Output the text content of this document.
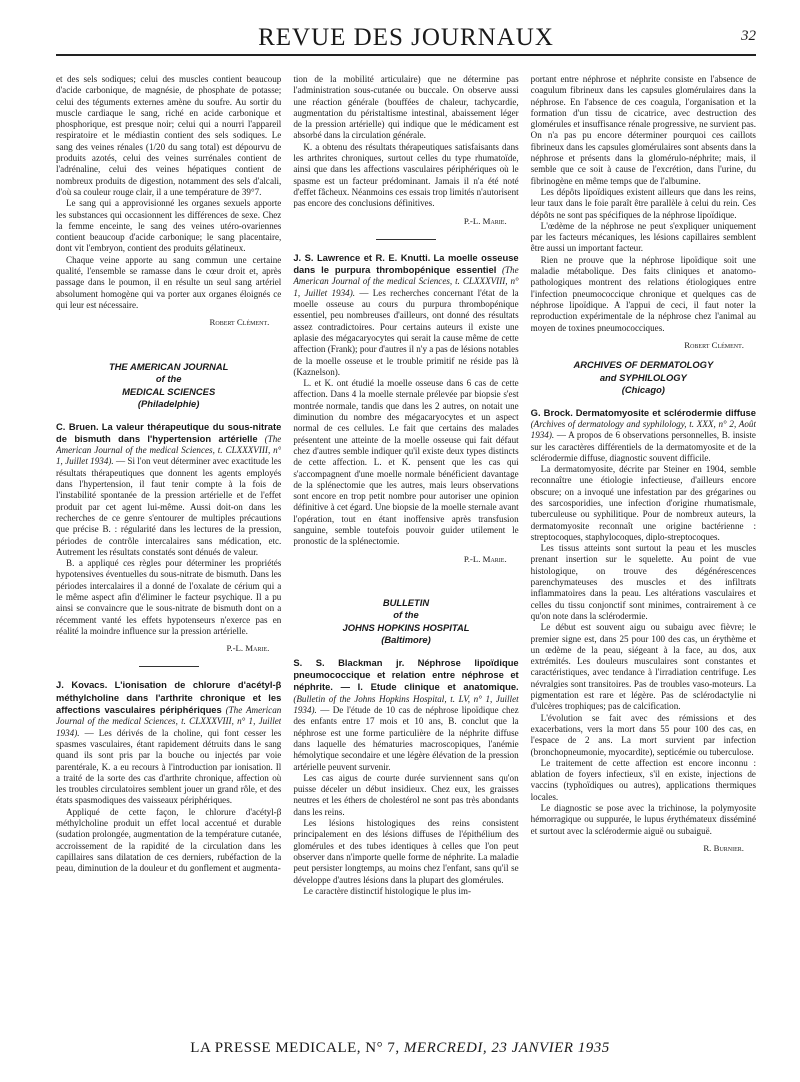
REVUE DES JOURNAUX	32

et des sels sodiques; celui des muscles contient beaucoup d'acide carbonique, de magnésie, de phosphate de potasse; celui des téguments externes amène du soufre. Au sortir du muscle cardiaque le sang, riché en acide carbonique et phosphorique, est presque noir; celui qui a nourri l'appareil respiratoire et le médiastin contient des sels sodiques. Le sang des veines rénales (1/20 du sang total) est dépourvu de produits azotés, celui des veines surrénales contient de l'adrénaline, celui des veines hépatiques contient de nombreux produits de digestion, notamment des sels d'alcali, d'où sa couleur rouge clair, il a une température de 39°7.

Le sang qui a approvisionné les organes sexuels apporte les substances qui occasionnent les différences de sexe. Chez la femme enceinte, le sang des veines utéro-ovariennes contient beaucoup d'acide carbonique; le sang placentaire, dont vit l'embryon, contient des produits gélatineux.

Chaque veine apporte au sang commun une certaine qualité, l'ensemble se ramasse dans le cœur droit et, après passage dans le poumon, il en résulte un seul sang artériel absolument homogène qui va porter aux organes éloignés ce qui leur est nécessaire.

Robert Clément.
THE AMERICAN JOURNAL
of the
MEDICAL SCIENCES
(Philadelphie)

C. Bruen. La valeur thérapeutique du sous-nitrate de bismuth dans l'hypertension artérielle (The American Journal of the medical Sciences, t. CLXXXVIII, n° 1, Juillet 1934). — Si l'on veut déterminer avec exactitude les résultats thérapeutiques que donnent les agents employés dans l'hypertension, il faut tenir compte à la fois de l'instabilité spontanée de la pression artérielle et de l'effet produit par cet agent lui-même. Aussi doit-on dans les recherches de ce genre s'entourer de multiples précautions que précise B. : régularité dans les lectures de la pression, périodes de contrôle intercalaires sans médication, etc. Autrement les résultats constatés sont dénués de valeur.

B. a appliqué ces règles pour déterminer les propriétés hypotensives éventuelles du sous-nitrate de bismuth. Dans les périodes intercalaires il a donné de l'oxalate de cérium qui a le même aspect afin d'éliminer le facteur psychique. Il a pu ainsi se convaincre que le sous-nitrate de bismuth dont on a récemment vanté les effets hypotenseurs n'exerce pas en réalité la moindre influence sur la pression artérielle.

P.-L. Marie.

J. Kovacs. L'ionisation de chlorure d'acétyl-β méthylcholine dans l'arthrite chronique et les affections vasculaires périphériques (The American Journal of the medical Sciences, t. CLXXXVIII, n° 1, Juillet 1934). — Les dérivés de la choline, qui font cesser les spasmes vasculaires, étant rapidement détruits dans le sang quand ils sont pris par la bouche ou injectés par voie parentérale, K. a eu recours à l'introduction par ionisation. Il a traité de la sorte des cas d'arthrite chronique, affection où les troubles circulatoires semblent jouer un grand rôle, et des états spasmodiques des vaisseaux périphériques.

Appliqué de cette façon, le chlorure d'acétyl-β méthylcholine produit un effet local accentué et durable (sudation prolongée, augmentation de la température cutanée, accroissement de la rapidité de la circulation dans les capillaires sans dilatation de ces derniers, rubéfaction de la peau, diminution de la douleur et du gonflement et augmenta-

tion de la mobilité articulaire) que ne détermine pas l'administration sous-cutanée ou buccale. On observe aussi une réaction générale (bouffées de chaleur, tachycardie, augmentation du péristaltisme intestinal, abaissement léger de la pression artérielle) qui indique que le médicament est absorbé dans la circulation générale.

K. a obtenu des résultats thérapeutiques satisfaisants dans les arthrites chroniques, surtout celles du type rhumatoïde, ainsi que dans les affections vasculaires périphériques où le spasme est un facteur prédominant. Jamais il n'a été noté d'effet fâcheux. Néanmoins ces essais trop limités n'autorisent pas encore des conclusions définitives.

P.-L. Marie.

J. S. Lawrence et R. E. Knutti. La moelle osseuse dans le purpura thrombopénique essentiel (The American Journal of the medical Sciences, t. CLXXXVIII, n° 1, Juillet 1934). — Les recherches concernant l'état de la moelle osseuse au cours du purpura thrombopénique essentiel, peu nombreuses d'ailleurs, ont donné des résultats assez contradictoires. Pour certains auteurs il existe une aplasie des mégacaryocytes qui serait la cause même de cette affection (Frank); pour d'autres il n'y a pas de lésions notables de la moelle osseuse et le trouble primitif ne réside pas là (Kaznelson).

L. et K. ont étudié la moelle osseuse dans 6 cas de cette affection. Dans 4 la moelle sternale prélevée par biopsie s'est montrée normale, tandis que dans les 2 autres, on notait une diminution du nombre des mégacaryocytes et un aspect normal de ces cellules. Le fait que certains des malades présentent une atteinte de la moelle osseuse qui fait défaut chez d'autres semble indiquer qu'il existe deux types distincts de cette affection. L. et K. pensent que les cas qui s'accompagnent d'une moelle normale bénéficient davantage de la splénectomie que les autres, mais leurs observations sont encore en trop petit nombre pour autoriser une opinion définitive à cet égard. Une biopsie de la moelle sternale avant l'opération, tout en étant inoffensive après transfusion sanguine, semble toutefois pouvoir guider utilement le pronostic de la splénectomie.

P.-L. Marie.
BULLETIN
of the
JOHNS HOPKINS HOSPITAL
(Baltimore)

S. S. Blackman jr. Néphrose lipoïdique pneumococcique et relation entre néphrose et néphrite. — I. Etude clinique et anatomique. (Bulletin of the Johns Hopkins Hospital, t. LV, n° 1, Juillet 1934). — De l'étude de 10 cas de néphrose lipoïdique chez des enfants entre 17 mois et 10 ans, B. conclut que la néphrose est une forme particulière de la néphrite diffuse dans laquelle des hématuries macroscopiques, l'anémie hémolytique secondaire et une légère élévation de la pression artérielle peuvent survenir.

Les cas aigus de courte durée surviennent sans qu'on puisse déceler un début insidieux. Chez eux, les graisses neutres et les éthers de cholestérol ne sont pas très abondants dans les reins.

Les lésions histologiques des reins consistent principalement en des lésions diffuses de l'épithélium des glomérules et des tubes identiques à celles que l'on peut observer dans n'importe quelle forme de néphrite. La maladie peut persister longtemps, au moins chez l'enfant, sans qu'il se développe d'autres lésions dans la plupart des glomérules.

Le caractère distinctif histologique le plus im-

portant entre néphrose et néphrite consiste en l'absence de coagulum fibrineux dans les capsules glomérulaires dans la néphrose. En l'absence de ces coagula, l'organisation et la formation d'un tissu de cicatrice, avec destruction des glomérules et insuffisance rénale progressive, ne survient pas. On n'a pas pu encore déterminer pourquoi ces caillots fibrineux dans les capsules glomérulaires sont absents dans la néphrose et présents dans la glomérulo-néphrite; mais, il semble que ce soit à cause de l'excrétion, dans l'urine, du fibrinogène en même temps que de l'albumine.

Les dépôts lipoïdiques existent ailleurs que dans les reins, leur taux dans le foie paraît être parallèle à celui du rein. Ces dépôts ne sont pas spécifiques de la néphrose lipoïdique.

L'œdème de la néphrose ne peut s'expliquer uniquement par les facteurs mécaniques, les lésions capillaires semblent être aussi un important facteur.

Rien ne prouve que la néphrose lipoïdique soit une maladie métabolique. Des faits cliniques et anatomo-pathologiques montrent des relations étiologiques entre l'infection pneumococcique chronique et quelques cas de néphrose lipoïdique. A l'appui de ceci, il faut noter la reproduction expérimentale de la néphrose chez l'animal au moyen de toxines pneumococciques.

Robert Clément.
ARCHIVES OF DERMATOLOGY
and SYPHILOLOGY
(Chicago)

G. Brock. Dermatomyosite et sclérodermie diffuse (Archives of dermatology and syphilology, t. XXX, n° 2, Août 1934). — A propos de 6 observations personnelles, B. insiste sur les caractères différentiels de la dermatomyosite et de la sclérodermie diffuse, diagnostic souvent difficile.

La dermatomyosite, décrite par Steiner en 1904, semble reconnaître une étiologie infectieuse, d'ailleurs encore obscure; on a invoqué une infestation par des grégarines ou des sarcosporidies, une infection d'origine rhumatismale, tuberculeuse ou syphilitique. Pour de nombreux auteurs, la dermatomyosite reconnaît une origine bactérienne : streptocoques, staphylocoques, diplo-streptocoques.

Les tissus atteints sont surtout la peau et les muscles prenant insertion sur le squelette. Au point de vue histologique, on trouve des dégénérescences parenchymateuses des muscles et des infiltrats inflammatoires dans la peau. Les altérations vasculaires et celles du tissu conjonctif sont minimes, contrairement à ce qu'on note dans la sclérodermie.

Le début est souvent aigu ou subaigu avec fièvre; le premier signe est, dans 25 pour 100 des cas, un érythème et un œdème de la peau, siégeant à la face, au dos, aux extrémités. Les douleurs musculaires sont constantes et caractéristiques, avec tendance à l'irradiation centrifuge. Les névralgies sont transitoires. Pas de troubles vaso-moteurs. La pigmentation est rare et légère. Pas de sclérodactylie ni d'ulcères trophiques; pas de calcification.

L'évolution se fait avec des rémissions et des exacerbations, vers la mort dans 55 pour 100 des cas, en l'espace de 2 ans. La mort survient par infection (bronchopneumonie, myocardite), septicémie ou tuberculose.

Le traitement de cette affection est encore inconnu : ablation de foyers infectieux, s'il en existe, injections de vaccins (typhoïdiques ou autres), applications thermiques locales.

Le diagnostic se pose avec la trichinose, la polymyosite hémorragique ou suppurée, le lupus érythémateux disséminé et surtout avec la sclérodermie aiguë ou subaiguë.

R. Burnier.
LA PRESSE MEDICALE, N° 7, MERCREDI, 23 JANVIER 1935
